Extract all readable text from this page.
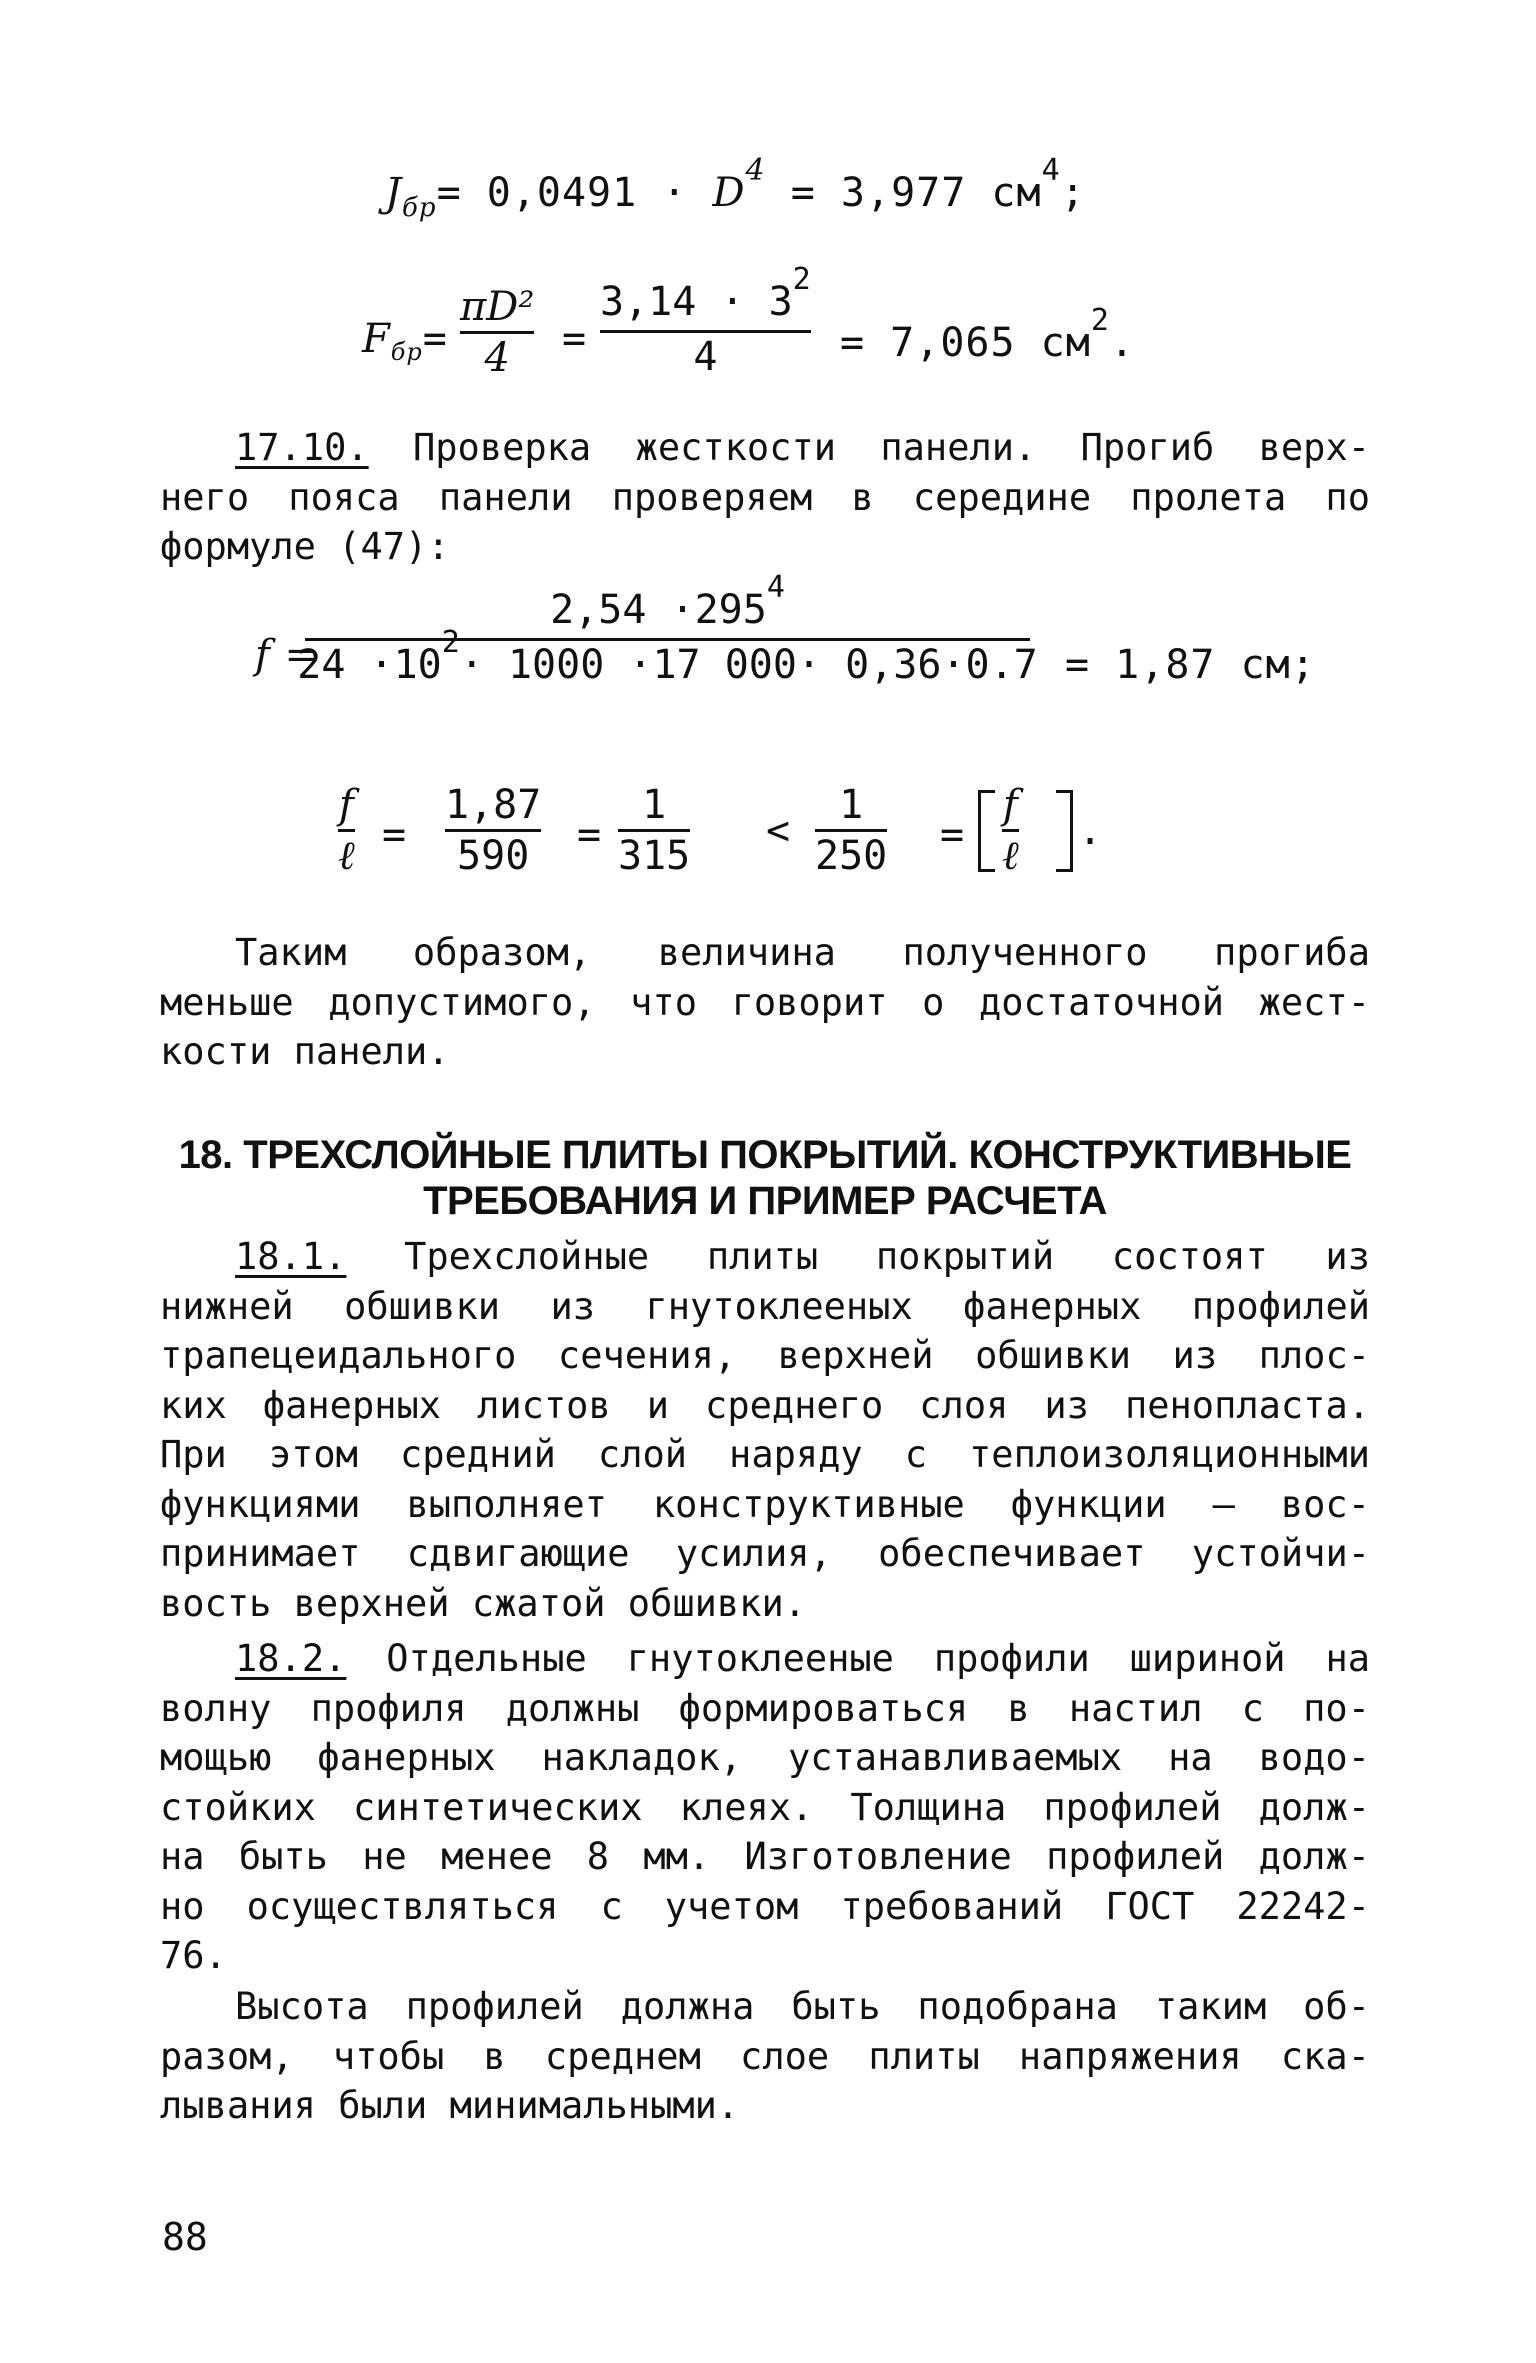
$J_{бр}= 0,0491 \cdot D^4 = 3,977$ $см^4$;
$F_{бр}=$
πD²
4 =
$3,14 \cdot 3^2$
4	= 7,065 $см^2$.
17.10. Проверка жесткости панели. Прогиб верх-
него пояса панели проверяем в середине пролета по
формуле (47):
f =
$2,54 \cdot 295^4$
$24 \cdot 10^2\cdot 1000 \cdot 17$ 000· 0,36·0.7 = 1,87 см;
f
ℓ =
1,87
590 =
1
315
<
1
250 =
f
ℓ
.
Таким образом, величина полученного прогиба
меньше допустимого, что говорит о достаточной жест-
кости панели.
18. ТРЕХСЛОЙНЫЕ ПЛИТЫ ПОКРЫТИЙ. КОНСТРУКТИВНЫЕ
ТРЕБОВАНИЯ И ПРИМЕР РАСЧЕТА
18.1. Трехслойные плиты покрытий состоят из
нижней обшивки из гнутоклееных фанерных профилей
трапецеидального сечения, верхней обшивки из плос-
ких фанерных листов и среднего слоя из пенопласта.
При этом средний слой наряду с теплоизоляционными
функциями выполняет конструктивные функции – вос-
принимает сдвигающие усилия, обеспечивает устойчи-
вость верхней сжатой обшивки.
18.2. Отдельные гнутоклееные профили шириной на
волну профиля должны формироваться в настил с по-
мощью фанерных накладок, устанавливаемых на водо-
стойких синтетических клеях. Толщина профилей долж-
на быть не менее 8 мм. Изготовление профилей долж-
но осуществляться с учетом требований ГОСТ 22242-
76.
Высота профилей должна быть подобрана таким об-
разом, чтобы в среднем слое плиты напряжения ска-
лывания были минимальными.
88
